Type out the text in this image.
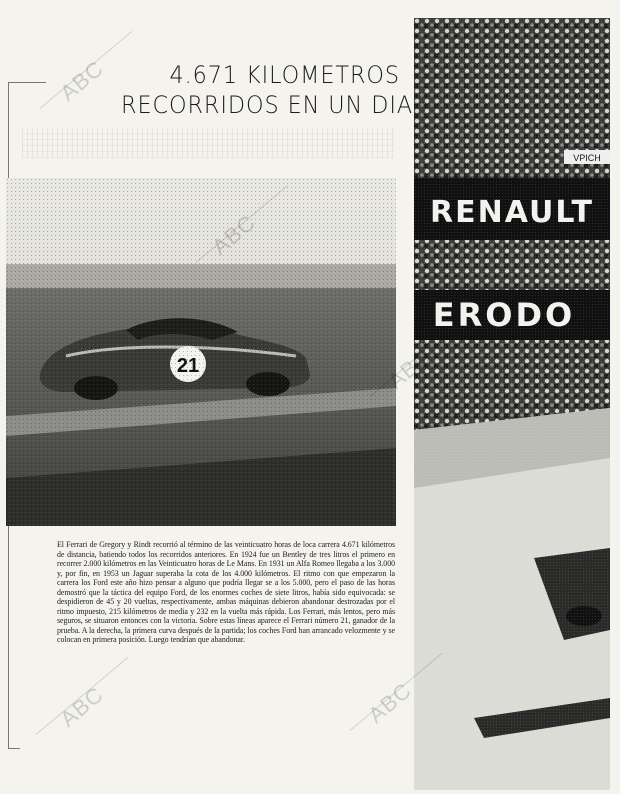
4.671 KILOMETROS
RECORRIDOS EN UN DIA

El Ferrari de Gregory y Rindt recorrió al término de las veinticuatro horas de loca carrera 4.671 kilómetros de distancia, batiendo todos los recorridos anteriores. En 1924 fue un Bentley de tres litros el primero en recorrer 2.000 kilómetros en las Veinticuatro horas de Le Mans. En 1931 un Alfa Romeo llegaba a los 3.000 y, por fin, en 1953 un Jaguar superaba la cota de los 4.000 kilómetros. El ritmo con que empezaron la carrera los Ford este año hizo pensar a alguno que podría llegar se a los 5.000, pero el paso de las horas demostró que la táctica del equipo Ford, de los enormes coches de siete litros, había sido equivocada: se despidieron de 45 y 20 vueltas, respectivamente, ambas máquinas debieron abandonar destrozadas por el ritmo impuesto, 215 kilómetros de media y 232 en la vuelta más rápida. Los Ferrari, más lentos, pero más seguros, se situaron entonces con la victoria. Sobre estas líneas aparece el Ferrari número 21, ganador de la prueba. A la derecha, la primera curva después de la partida; los coches Ford han arrancado velozmente y se colocan en primera posición. Luego tendrían que abandonar.

ABC
ABC
ABC	ABC
